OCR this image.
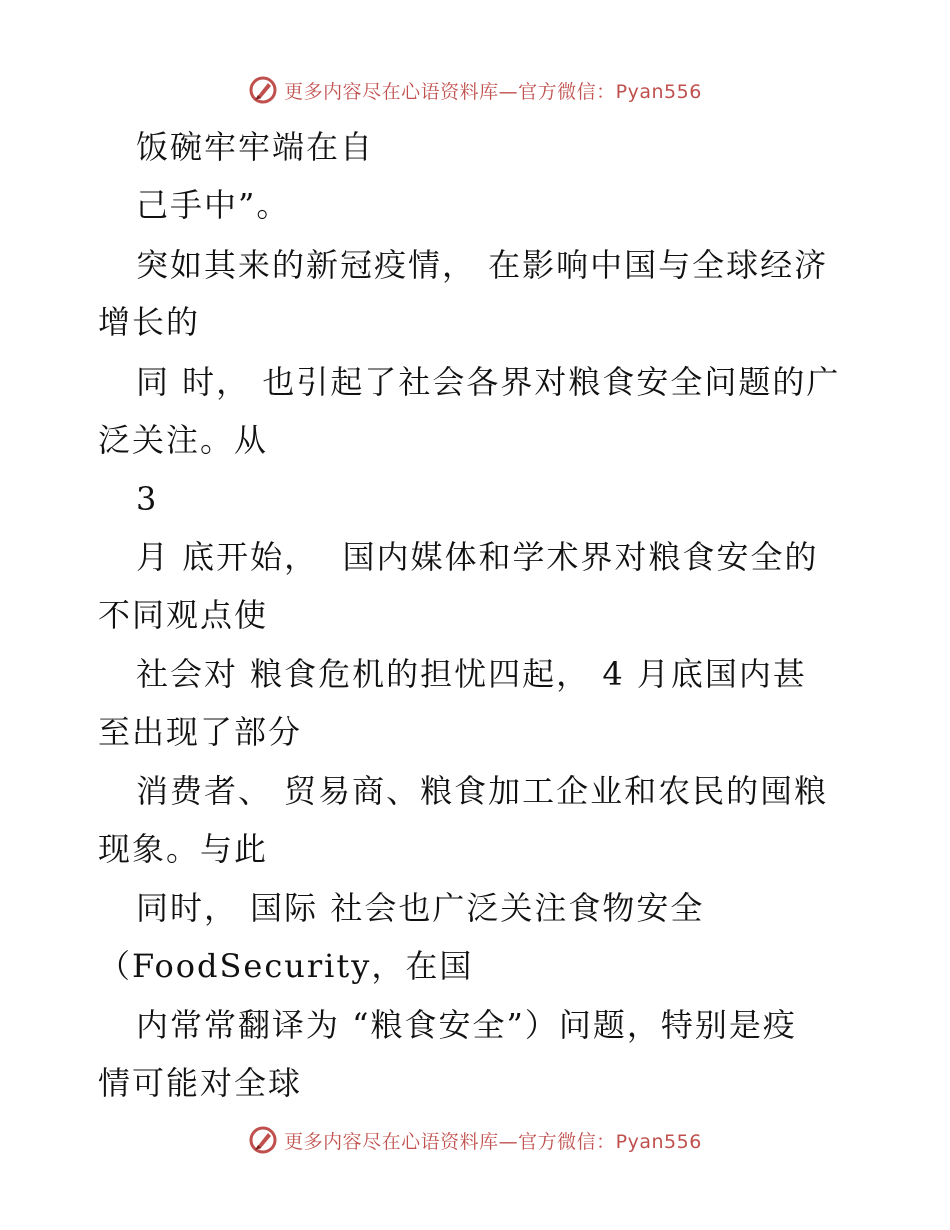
更多内容尽在心语资料库—官方微信：Pyan556
饭碗牢牢端在自
己手中”。
突如其来的新冠疫情， 在影响中国与全球经济
增长的
同 时， 也引起了社会各界对粮食安全问题的广
泛关注。从
3
月 底开始，  国内媒体和学术界对粮食安全的
不同观点使
社会对 粮食危机的担忧四起， 4 月底国内甚
至出现了部分
消费者、 贸易商、粮食加工企业和农民的囤粮
现象。与此
同时， 国际 社会也广泛关注食物安全
（FoodSecurity，在国
内常常翻译为 “粮食安全”）问题，特别是疫
情可能对全球
更多内容尽在心语资料库—官方微信：Pyan556
